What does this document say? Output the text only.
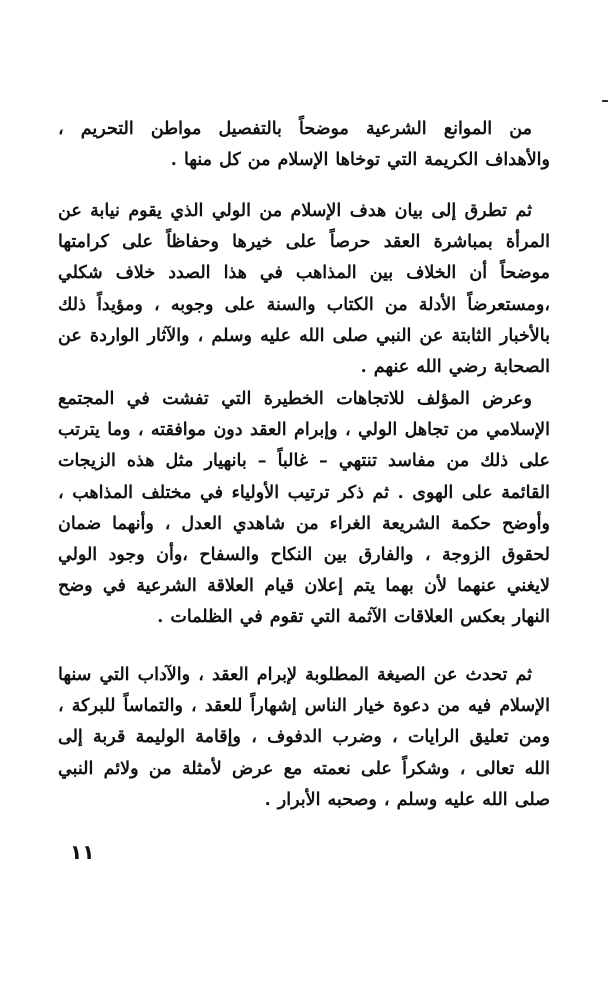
من الموانع الشرعية موضحاً بالتفصيل مواطن التحريم ، والأهداف الكريمة التي توخاها الإسلام من كل منها .

ثم تطرق إلى بيان هدف الإسلام من الولي الذي يقوم نيابة عن المرأة بمباشرة العقد حرصاً على خيرها وحفاظاً على كرامتها موضحاً أن الخلاف بين المذاهب في هذا الصدد خلاف شكلي ،ومستعرضاً الأدلة من الكتاب والسنة على وجوبه ، ومؤيداً ذلك بالأخبار الثابتة عن النبي صلى الله عليه وسلم ، والآثار الواردة عن الصحابة رضي الله عنهم .

وعرض المؤلف للاتجاهات الخطيرة التي تفشت في المجتمع الإسلامي من تجاهل الولي ، وإبرام العقد دون موافقته ، وما يترتب على ذلك من مفاسد تنتهي – غالباً – بانهيار مثل هذه الزيجات القائمة على الهوى . ثم ذكر ترتيب الأولياء في مختلف المذاهب ، وأوضح حكمة الشريعة الغراء من شاهدي العدل ، وأنهما ضمان لحقوق الزوجة ، والفارق بين النكاح والسفاح ،وأن وجود الولي لايغني عنهما لأن بهما يتم إعلان قيام العلاقة الشرعية في وضح النهار بعكس العلاقات الآثمة التي تقوم في الظلمات .

ثم تحدث عن الصيغة المطلوبة لإبرام العقد ، والآداب التي سنها الإسلام فيه من دعوة خيار الناس إشهاراً للعقد ، والتماساً للبركة ، ومن تعليق الرايات ، وضرب الدفوف ، وإقامة الوليمة قربة إلى الله تعالى ، وشكراً على نعمته مع عرض لأمثلة من ولائم النبي صلى الله عليه وسلم ، وصحبه الأبرار .

١١
